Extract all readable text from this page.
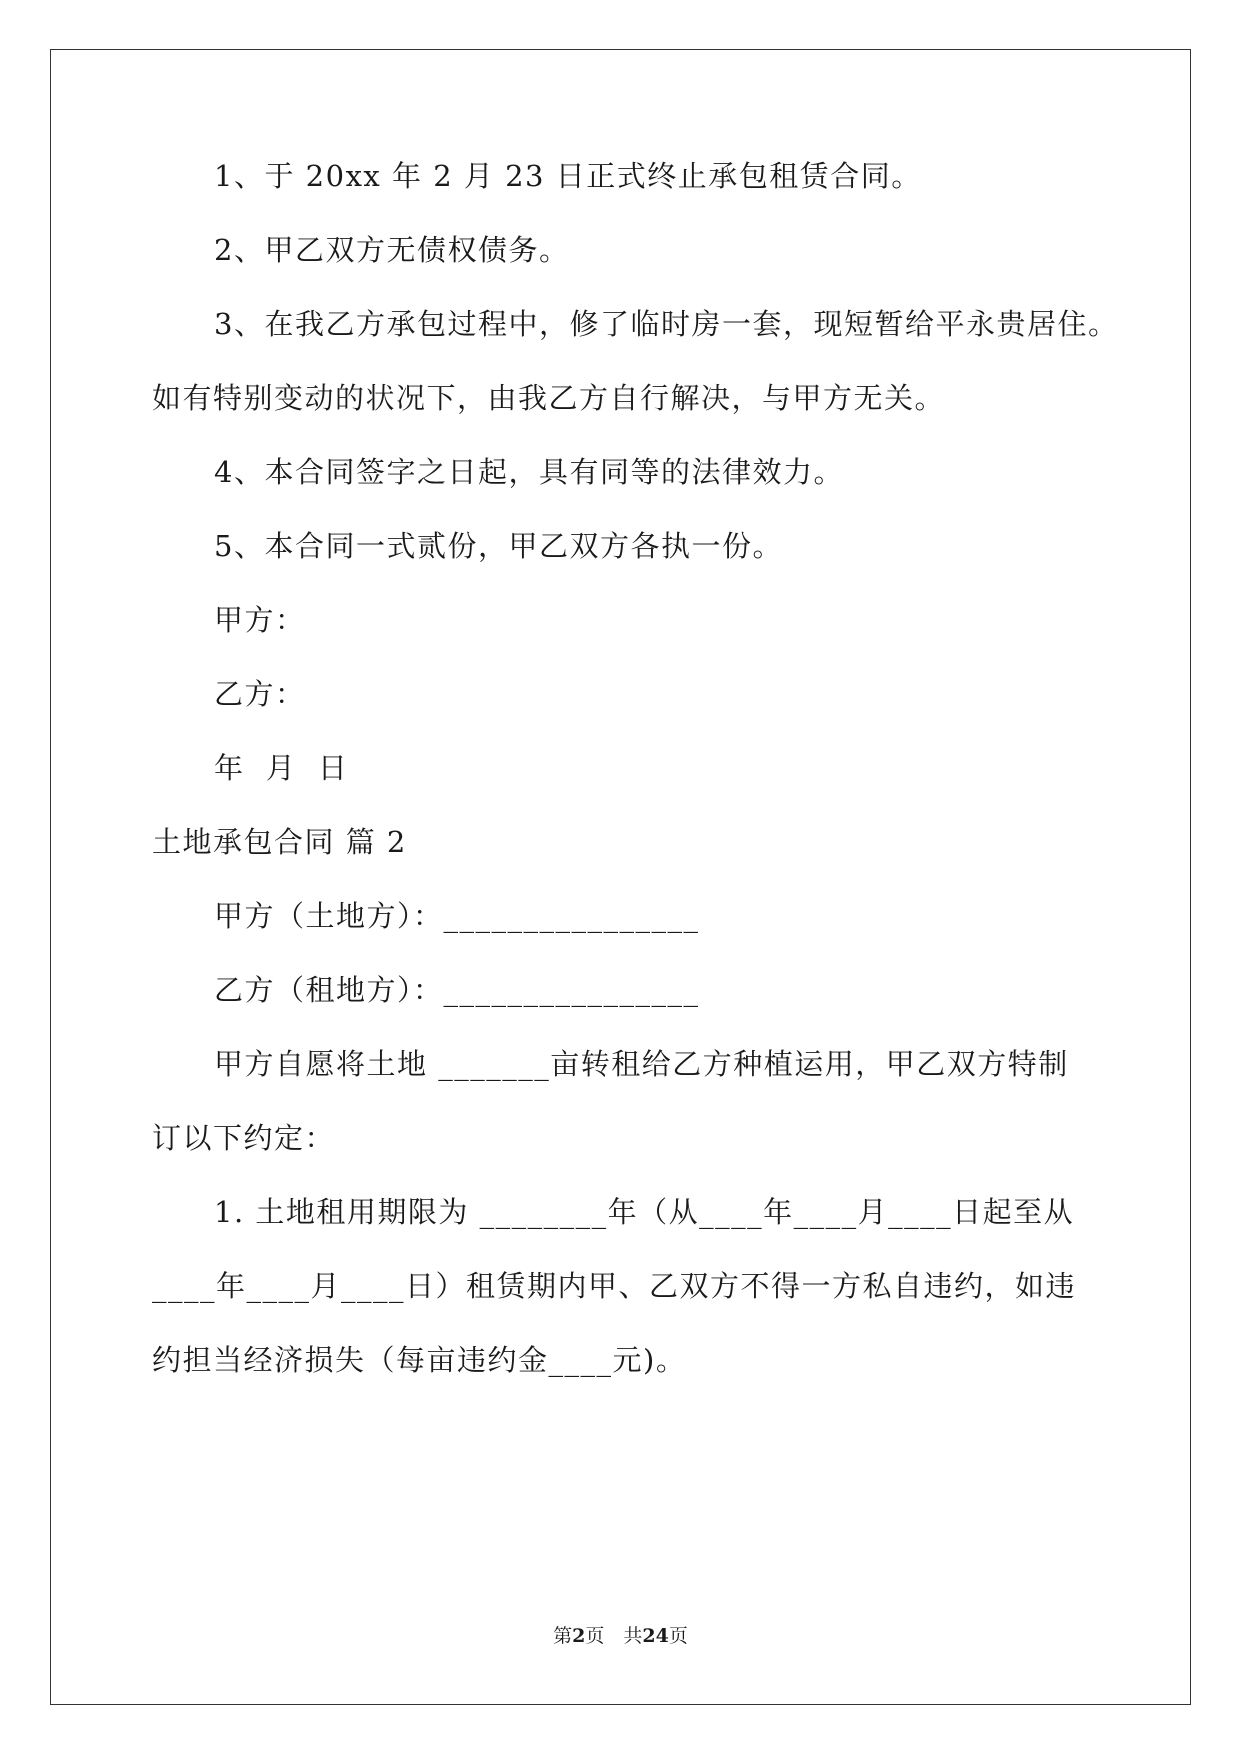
1、于 20xx 年 2 月 23 日正式终止承包租赁合同。
2、甲乙双方无债权债务。
3、在我乙方承包过程中，修了临时房一套，现短暂给平永贵居住。
如有特别变动的状况下，由我乙方自行解决，与甲方无关。
4、本合同签字之日起，具有同等的法律效力。
5、本合同一式贰份，甲乙双方各执一份。
甲方：
乙方：
年  月  日
土地承包合同 篇 2
甲方（土地方）：________________
乙方（租地方）：________________
甲方自愿将土地 _______亩转租给乙方种植运用，甲乙双方特制
订以下约定：
1. 土地租用期限为 ________年（从____年____月____日起至从
____年____月____日）租赁期内甲、乙双方不得一方私自违约，如违
约担当经济损失（每亩违约金____元)。
第2页　共24页
